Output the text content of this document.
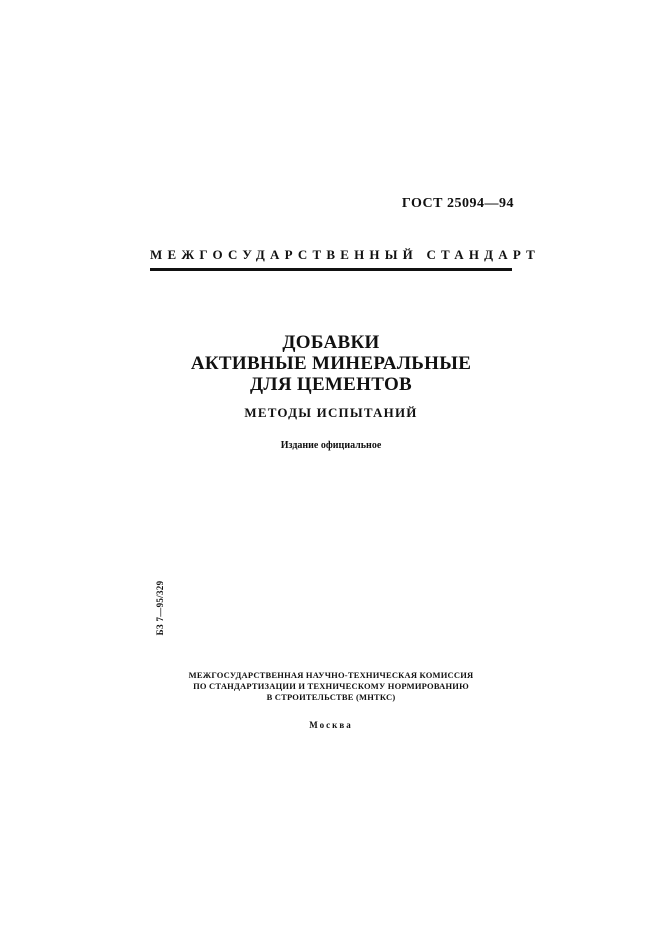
ГОСТ 25094—94
МЕЖГОСУДАРСТВЕННЫЙ СТАНДАРТ
ДОБАВКИ
АКТИВНЫЕ МИНЕРАЛЬНЫЕ
ДЛЯ ЦЕМЕНТОВ
МЕТОДЫ ИСПЫТАНИЙ
Издание официальное
БЗ 7—95/329
МЕЖГОСУДАРСТВЕННАЯ НАУЧНО-ТЕХНИЧЕСКАЯ КОМИССИЯ
ПО СТАНДАРТИЗАЦИИ И ТЕХНИЧЕСКОМУ НОРМИРОВАНИЮ
В СТРОИТЕЛЬСТВЕ (МНТКС)
Москва
